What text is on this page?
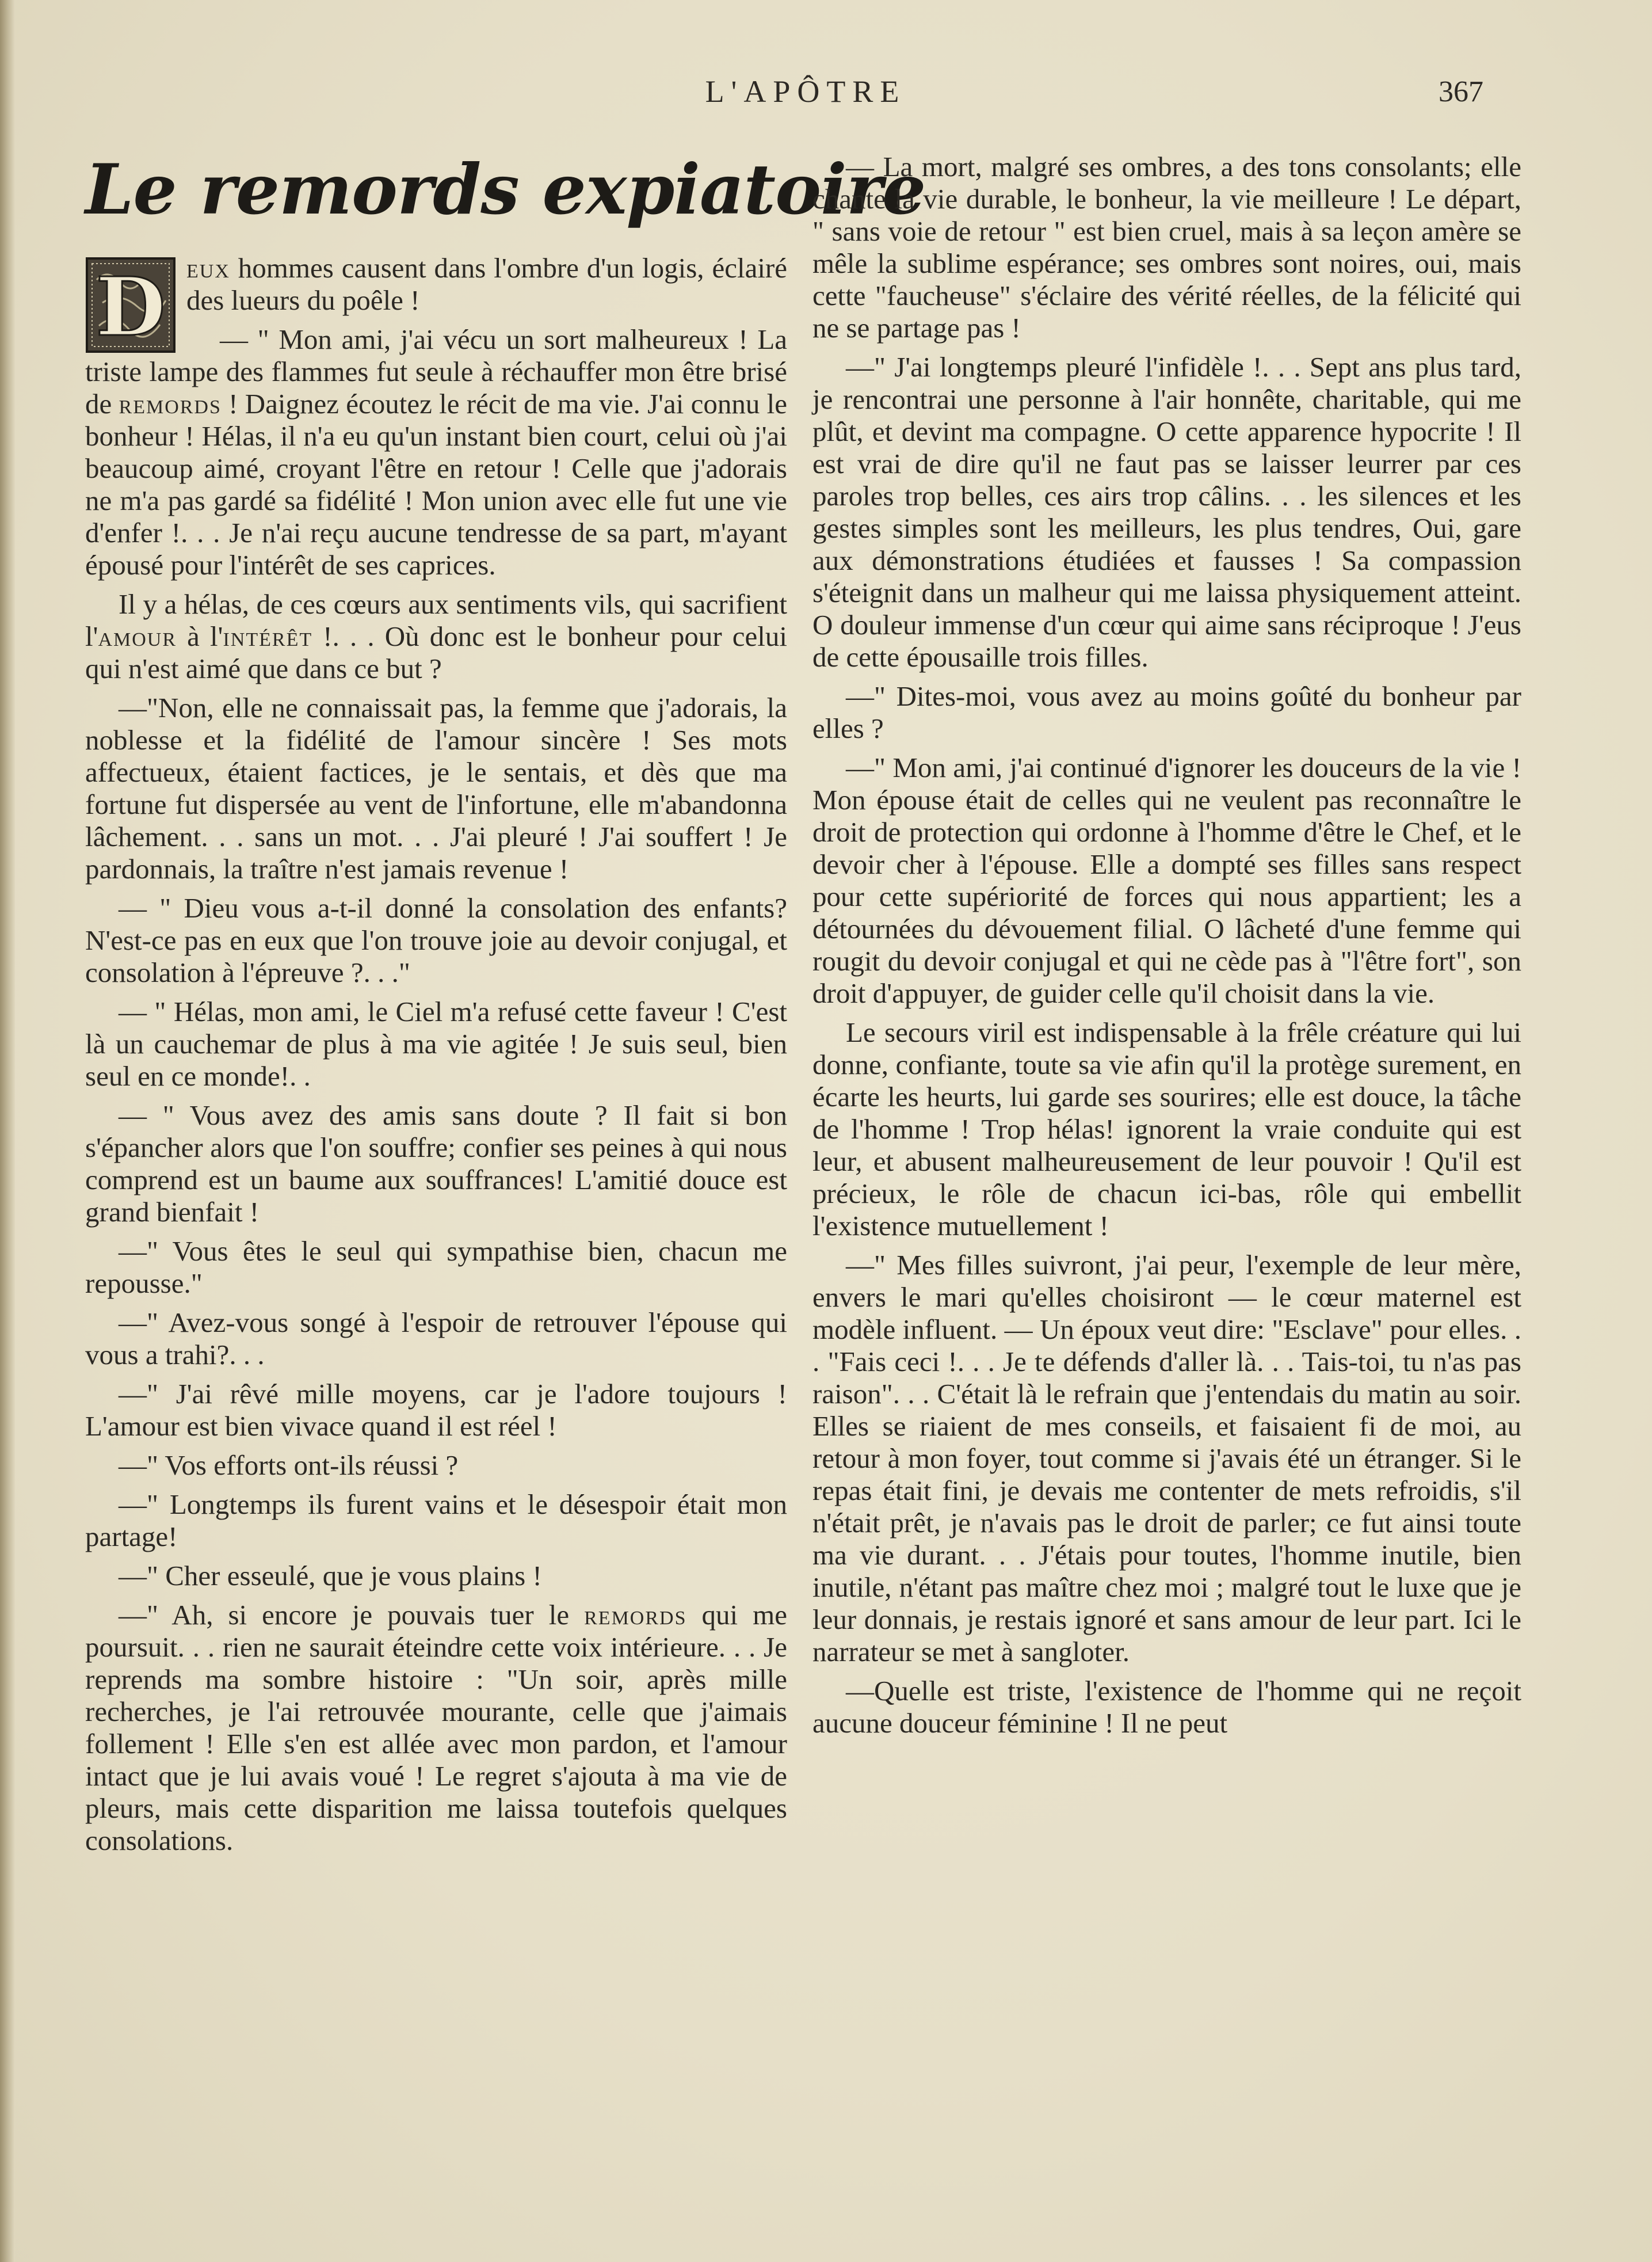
L'APÔTRE	367
Le remords expiatoire

D eux hommes causent dans l'ombre d'un logis, éclairé des lueurs du poêle !

— " Mon ami, j'ai vécu un sort malheureux ! La triste lampe des flammes fut seule à réchauffer mon être brisé de remords ! Daignez écoutez le récit de ma vie. J'ai connu le bonheur ! Hélas, il n'a eu qu'un instant bien court, celui où j'ai beaucoup aimé, croyant l'être en retour ! Celle que j'adorais ne m'a pas gardé sa fidélité ! Mon union avec elle fut une vie d'enfer !. . . Je n'ai reçu aucune tendresse de sa part, m'ayant épousé pour l'intérêt de ses caprices.

Il y a hélas, de ces cœurs aux sentiments vils, qui sacrifient l'amour à l'intérêt !. . . Où donc est le bonheur pour celui qui n'est aimé que dans ce but ?

—"Non, elle ne connaissait pas, la femme que j'adorais, la noblesse et la fidélité de l'amour sincère ! Ses mots affectueux, étaient factices, je le sentais, et dès que ma fortune fut dispersée au vent de l'infortune, elle m'abandonna lâchement. . . sans un mot. . . J'ai pleuré ! J'ai souffert ! Je pardonnais, la traître n'est jamais revenue !

— " Dieu vous a-t-il donné la consolation des enfants? N'est-ce pas en eux que l'on trouve joie au devoir conjugal, et consolation à l'épreuve ?. . ."

— " Hélas, mon ami, le Ciel m'a refusé cette faveur ! C'est là un cauchemar de plus à ma vie agitée ! Je suis seul, bien seul en ce monde!. .

— " Vous avez des amis sans doute ? Il fait si bon s'épancher alors que l'on souffre; confier ses peines à qui nous comprend est un baume aux souffrances! L'amitié douce est grand bienfait !

—" Vous êtes le seul qui sympathise bien, chacun me repousse."

—" Avez-vous songé à l'espoir de retrouver l'épouse qui vous a trahi?. . .

—" J'ai rêvé mille moyens, car je l'adore toujours ! L'amour est bien vivace quand il est réel !

—" Vos efforts ont-ils réussi ?

—" Longtemps ils furent vains et le désespoir était mon partage!

—" Cher esseulé, que je vous plains !

—" Ah, si encore je pouvais tuer le remords qui me poursuit. . . rien ne saurait éteindre cette voix intérieure. . . Je reprends ma sombre histoire : "Un soir, après mille recherches, je l'ai retrouvée mourante, celle que j'aimais follement ! Elle s'en est allée avec mon pardon, et l'amour intact que je lui avais voué ! Le regret s'ajouta à ma vie de pleurs, mais cette disparition me laissa toutefois quelques consolations.

— La mort, malgré ses ombres, a des tons consolants; elle chante la vie durable, le bonheur, la vie meilleure ! Le départ, " sans voie de retour " est bien cruel, mais à sa leçon amère se mêle la sublime espérance; ses ombres sont noires, oui, mais cette "faucheuse" s'éclaire des vérité réelles, de la félicité qui ne se partage pas !

—" J'ai longtemps pleuré l'infidèle !. . . Sept ans plus tard, je rencontrai une personne à l'air honnête, charitable, qui me plût, et devint ma compagne. O cette apparence hypocrite ! Il est vrai de dire qu'il ne faut pas se laisser leurrer par ces paroles trop belles, ces airs trop câlins. . . les silences et les gestes simples sont les meilleurs, les plus tendres, Oui, gare aux démonstrations étudiées et fausses ! Sa compassion s'éteignit dans un malheur qui me laissa physiquement atteint. O douleur immense d'un cœur qui aime sans réciproque ! J'eus de cette épousaille trois filles.

—" Dites-moi, vous avez au moins goûté du bonheur par elles ?

—" Mon ami, j'ai continué d'ignorer les douceurs de la vie ! Mon épouse était de celles qui ne veulent pas reconnaître le droit de protection qui ordonne à l'homme d'être le Chef, et le devoir cher à l'épouse. Elle a dompté ses filles sans respect pour cette supériorité de forces qui nous appartient; les a détournées du dévouement filial. O lâcheté d'une femme qui rougit du devoir conjugal et qui ne cède pas à "l'être fort", son droit d'appuyer, de guider celle qu'il choisit dans la vie.

Le secours viril est indispensable à la frêle créature qui lui donne, confiante, toute sa vie afin qu'il la protège surement, en écarte les heurts, lui garde ses sourires; elle est douce, la tâche de l'homme ! Trop hélas! ignorent la vraie conduite qui est leur, et abusent malheureusement de leur pouvoir ! Qu'il est précieux, le rôle de chacun ici-bas, rôle qui embellit l'existence mutuellement !

—" Mes filles suivront, j'ai peur, l'exemple de leur mère, envers le mari qu'elles choisiront — le cœur maternel est modèle influent. — Un époux veut dire: "Esclave" pour elles. . . "Fais ceci !. . . Je te défends d'aller là. . . Tais-toi, tu n'as pas raison". . . C'était là le refrain que j'entendais du matin au soir. Elles se riaient de mes conseils, et faisaient fi de moi, au retour à mon foyer, tout comme si j'avais été un étranger. Si le repas était fini, je devais me contenter de mets refroidis, s'il n'était prêt, je n'avais pas le droit de parler; ce fut ainsi toute ma vie durant. . . J'étais pour toutes, l'homme inutile, bien inutile, n'étant pas maître chez moi ; malgré tout le luxe que je leur donnais, je restais ignoré et sans amour de leur part. Ici le narrateur se met à sangloter.

—Quelle est triste, l'existence de l'homme qui ne reçoit aucune douceur féminine ! Il ne peut
